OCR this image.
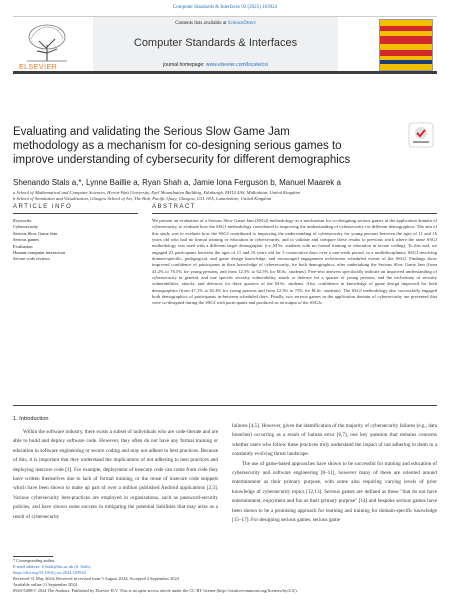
Computer Standards & Interfaces 92 (2025) 103924
ELSEVIER
Contents lists available at ScienceDirect
Computer Standards & Interfaces
journal homepage: www.elsevier.com/locate/csi
Evaluating and validating the Serious Slow Game Jam methodology as a mechanism for co-designing serious games to improve understanding of cybersecurity for different demographics
Shenando Stals a,*, Lynne Baillie a, Ryan Shah a, Jamie Iona Ferguson b, Manuel Maarek a
a School of Mathematical and Computer Sciences, Heriot-Watt University, Earl Mountbatten Building, Edinburgh, EH14 4AS, Midlothian, United Kingdom
b School of Simulation and Visualisation, Glasgow School of Art, The Hub, Pacific Quay, Glasgow, G51 1EA, Lanarkshire, United Kingdom
ARTICLE INFO	ABSTRACT
Keywords:
Cybersecurity
Serious Slow Game Jam
Serious games
Evaluation
Human-computer interaction
Secure code reviews
We present an evaluation of a Serious Slow Game Jam (SSGJ) methodology as a mechanism for co-designing serious games in the application domain of cybersecurity, to evaluate how the SSGJ methodology contributed to improving the understanding of cybersecurity for different demographics. The aim of this study was to evaluate how the SSGJ contributed to improving the understanding of cybersecurity for young persons between the ages of 11 and 16 years old who had no formal training or education in cybersecurity, and to validate and compare these results to previous work where the same SSGJ methodology was used with a different target demographic (i.e.,M.Sc. students with no formal training or education in secure coding). To this end, we engaged 23 participants between the ages of 11 and 16 years old for 5 consecutive days over a one-week period, in a multidisciplinary SSGJ involving domain-specific, pedagogical, and game design knowledge, and encouraged engagement in-between scheduled events of the SSGJ. Findings show improved confidence of participants in their knowledge of cybersecurity, for both demographics, after undertaking the Serious Slow Game Jam (from 41.2% to 76.5% for young persons, and from 12.5% to 62.5% for M.Sc. students). Free-text answers specifically indicate an improved understanding of cybersecurity in general, and one specific security vulnerability, attack or defence for a quarter of young persons, and the trichotomy of security vulnerabilities, attacks, and defences for three quarters of the M.Sc. students. Also, confidence in knowledge of game design improved for both demographics (from 47.1% to 82.4% for young persons and from 12.5% to 75% for M.Sc. students). The SSGJ methodology also successfully engaged both demographics of participants in-between scheduled days. Finally, two serious games in the application domain of cybersecurity are presented that were co-designed during the SSGJ with participants and produced as an output of the SSGJs.
1. Introduction

Within the software industry, there exists a subset of individuals who are code-literate and are able to build and deploy software code. However, they often do not have any formal training or education in software engineering or secure coding and may not adhere to best practices. Because of this, it is important that they understand the implications of not adhering to best practices and deploying insecure code [1]. For example, deployment of insecure code can come from code they have written themselves due to lack of formal training, or the reuse of insecure code snippets which have been shown to make up part of over a million published Android applications [2,3]. Various cybersecurity best-practices are employed in organisations, such as password-security policies, and have shown some success in mitigating the potential liabilities that may arise as a result of cybersecurity

failures [4,5]. However, given the identification of the majority of cybersecurity failures (e.g., data breaches) occurring as a result of human error [6,7], one key question that remains concerns whether users who follow these practices truly understand the impact of not adhering to them in a constantly evolving threat landscape.

The use of game-based approaches have shown to be successful for training and education of cybersecurity and software engineering [8–11], however many of these are oriented around entertainment as their primary purpose, with some also requiring varying levels of prior knowledge of cybersecurity topics [12,13]. Serious games are defined as those "that do not have entertainment, enjoyment and fun as their primary purpose" [14] and bespoke serious games have been shown to be a promising approach for learning and training for domain-specific knowledge [15–17]. For designing serious games, serious game

* Corresponding author.
E-mail address: S.Stals@hw.ac.uk (S. Stals).
https://doi.org/10.1016/j.csi.2024.103924
Received 31 May 2024; Received in revised form 5 August 2024; Accepted 2 September 2024
Available online 11 September 2024
0920-5489/© 2024 The Authors. Published by Elsevier B.V. This is an open access article under the CC BY license (http://creativecommons.org/licenses/by/4.0/).
